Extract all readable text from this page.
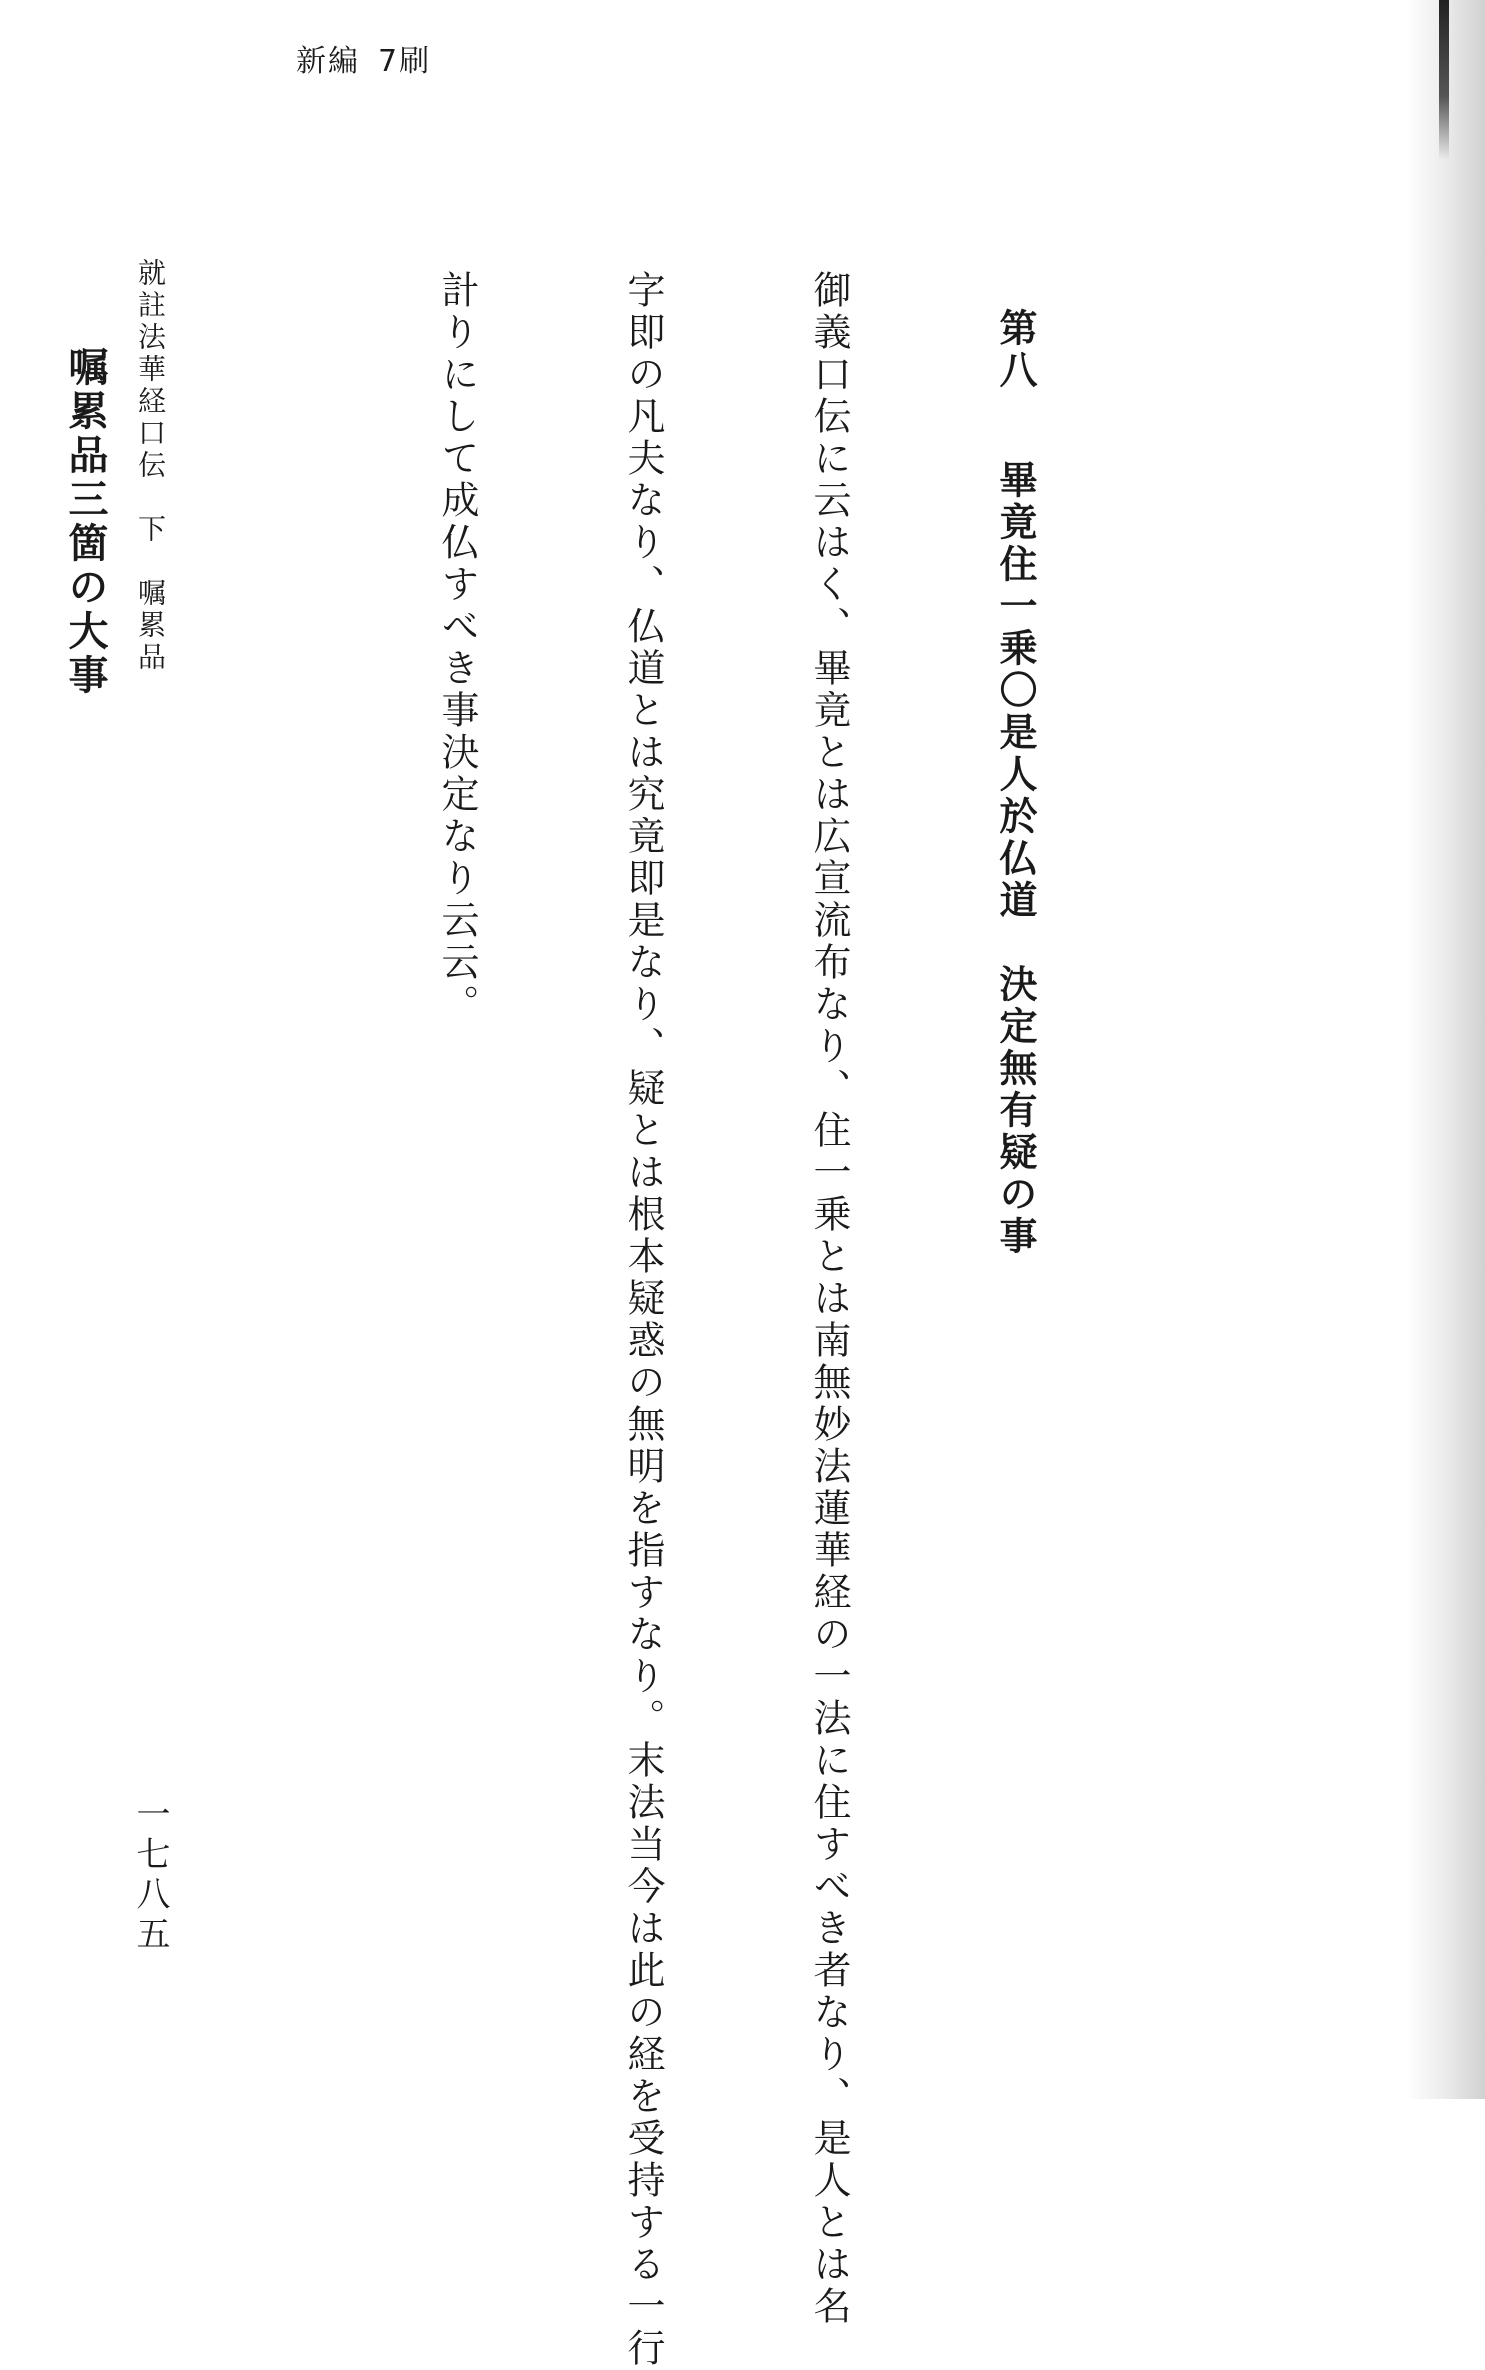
新編 7刷

第八　畢竟住一乗〇是人於仏道　決定無有疑の事

御義口伝に云はく、畢竟とは広宣流布なり、住一乗とは南無妙法蓮華経の一法に住すべき者なり、是人とは名

字即の凡夫なり、仏道とは究竟即是なり、疑とは根本疑惑の無明を指すなり。末法当今は此の経を受持する一行

計りにして成仏すべき事決定なり云云。

嘱累品三箇の大事

就註法華経口伝　下　嘱累品
一七八五
